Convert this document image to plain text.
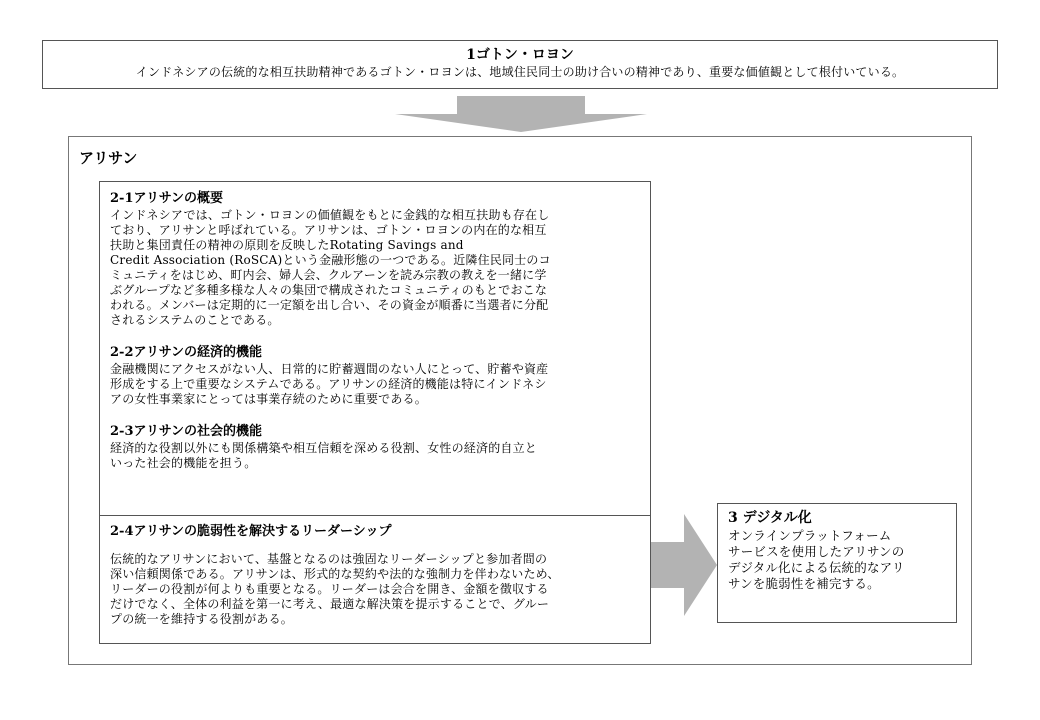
1ゴトン・ロヨン
インドネシアの伝統的な相互扶助精神であるゴトン・ロヨンは、地域住民同士の助け合いの精神であり、重要な価値観として根付いている。
アリサン
2-1アリサンの概要
インドネシアでは、ゴトン・ロヨンの価値観をもとに金銭的な相互扶助も存在し
ており、アリサンと呼ばれている。アリサンは、ゴトン・ロヨンの内在的な相互
扶助と集団責任の精神の原則を反映したRotating Savings and
Credit Association (RoSCA)という金融形態の一つである。近隣住民同士のコ
ミュニティをはじめ、町内会、婦人会、クルアーンを読み宗教の教えを一緒に学
ぶグループなど多種多様な人々の集団で構成されたコミュニティのもとでおこな
われる。メンバーは定期的に一定額を出し合い、その資金が順番に当選者に分配
されるシステムのことである。
2-2アリサンの経済的機能
金融機関にアクセスがない人、日常的に貯蓄週間のない人にとって、貯蓄や資産
形成をする上で重要なシステムである。アリサンの経済的機能は特にインドネシ
アの女性事業家にとっては事業存続のために重要である。
2-3アリサンの社会的機能
経済的な役割以外にも関係構築や相互信頼を深める役割、女性の経済的自立と
いった社会的機能を担う。
2-4アリサンの脆弱性を解決するリーダーシップ
伝統的なアリサンにおいて、基盤となるのは強固なリーダーシップと参加者間の
深い信頼関係である。アリサンは、形式的な契約や法的な強制力を伴わないため、
リーダーの役割が何よりも重要となる。リーダーは会合を開き、金額を徴収する
だけでなく、全体の利益を第一に考え、最適な解決策を提示することで、グルー
プの統一を維持する役割がある。
3 デジタル化
オンラインプラットフォーム
サービスを使用したアリサンの
デジタル化による伝統的なアリ
サンを脆弱性を補完する。
